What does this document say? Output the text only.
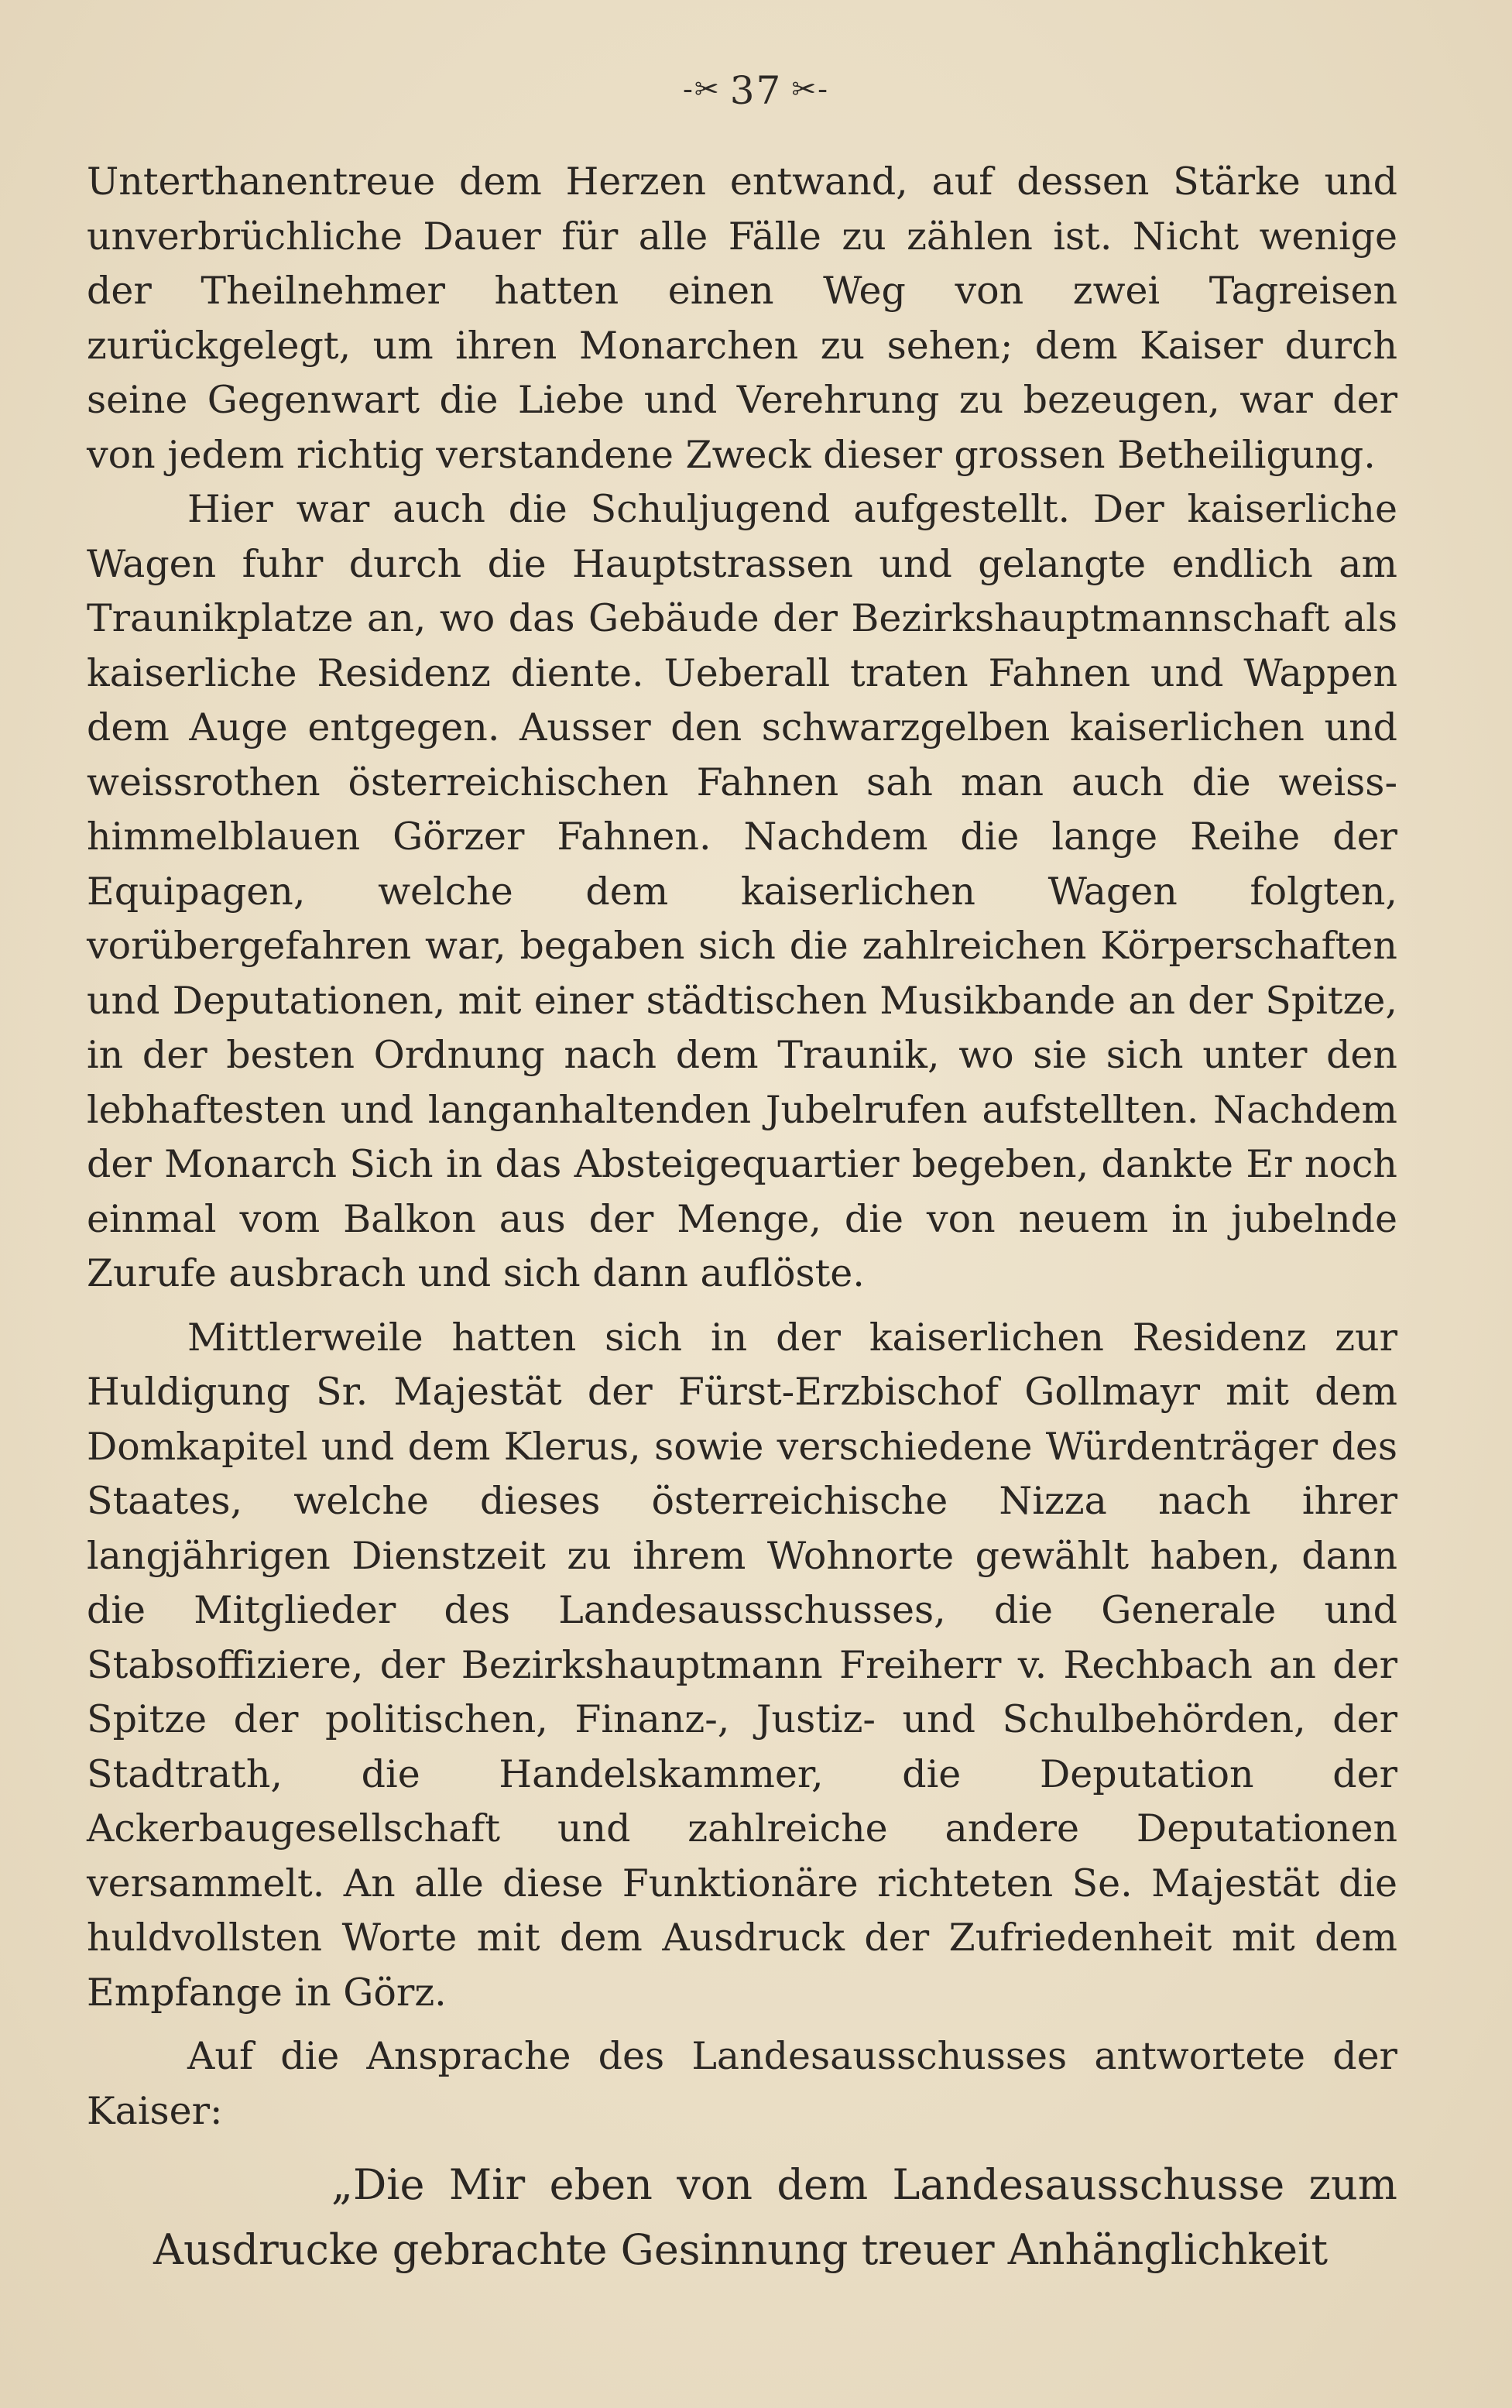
-✂ 37 ✂-

Unterthanentreue dem Herzen entwand, auf dessen Stärke und unverbrüchliche Dauer für alle Fälle zu zählen ist. Nicht wenige der Theilnehmer hatten einen Weg von zwei Tagreisen zurückgelegt, um ihren Monarchen zu sehen; dem Kaiser durch seine Gegenwart die Liebe und Verehrung zu bezeugen, war der von jedem richtig verstandene Zweck dieser grossen Betheiligung.

Hier war auch die Schuljugend aufgestellt. Der kaiserliche Wagen fuhr durch die Hauptstrassen und gelangte endlich am Traunikplatze an, wo das Gebäude der Bezirkshauptmannschaft als kaiserliche Residenz diente. Ueberall traten Fahnen und Wappen dem Auge entgegen. Ausser den schwarzgelben kaiserlichen und weissrothen österreichischen Fahnen sah man auch die weiss-himmelblauen Görzer Fahnen. Nachdem die lange Reihe der Equipagen, welche dem kaiserlichen Wagen folgten, vorübergefahren war, begaben sich die zahlreichen Körperschaften und Deputationen, mit einer städtischen Musikbande an der Spitze, in der besten Ordnung nach dem Traunik, wo sie sich unter den lebhaftesten und langanhaltenden Jubelrufen aufstellten. Nachdem der Monarch Sich in das Absteigequartier begeben, dankte Er noch einmal vom Balkon aus der Menge, die von neuem in jubelnde Zurufe ausbrach und sich dann auflöste.

Mittlerweile hatten sich in der kaiserlichen Residenz zur Huldigung Sr. Majestät der Fürst-Erzbischof Gollmayr mit dem Domkapitel und dem Klerus, sowie verschiedene Würdenträger des Staates, welche dieses österreichische Nizza nach ihrer langjährigen Dienstzeit zu ihrem Wohnorte gewählt haben, dann die Mitglieder des Landesausschusses, die Generale und Stabsoffiziere, der Bezirkshauptmann Freiherr v. Rechbach an der Spitze der politischen, Finanz-, Justiz- und Schulbehörden, der Stadtrath, die Handelskammer, die Deputation der Ackerbaugesellschaft und zahlreiche andere Deputationen versammelt. An alle diese Funktionäre richteten Se. Majestät die huldvollsten Worte mit dem Ausdruck der Zufriedenheit mit dem Empfange in Görz.

Auf die Ansprache des Landesausschusses antwortete der Kaiser:

„Die Mir eben von dem Landesausschusse zum Ausdrucke gebrachte Gesinnung treuer Anhänglichkeit
